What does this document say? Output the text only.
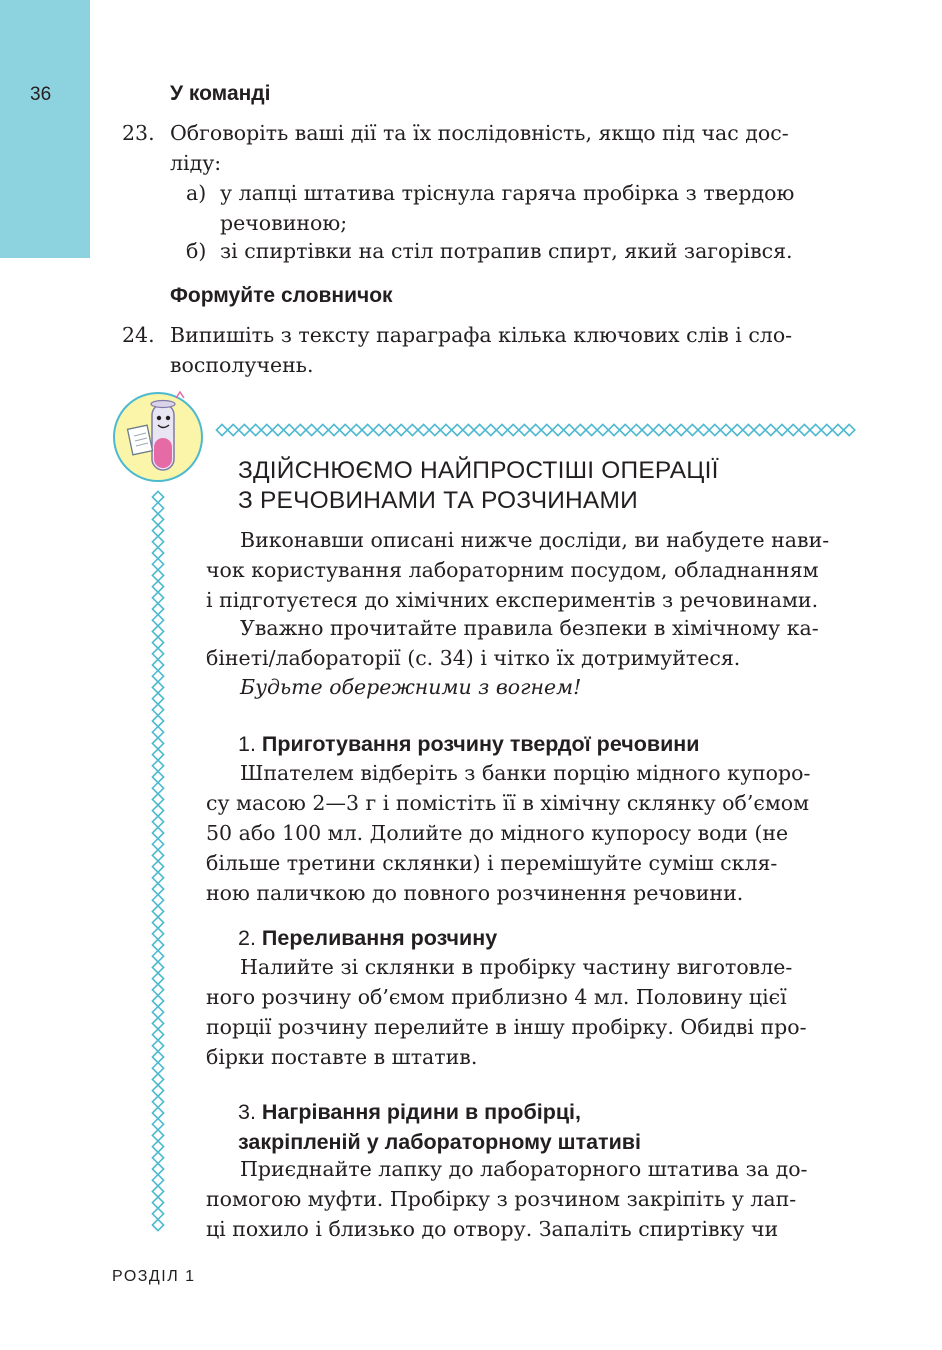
36	У команді
23. Обговоріть ваші дії та їх послідовність, якщо під час дос-
ліду:
а) у лапці штатива тріснула гаряча пробірка з твердою
речовиною;
б) зі спиртівки на стіл потрапив спирт, який загорівся.
Формуйте словничок
24. Випишіть з тексту параграфа кілька ключових слів і сло-
восполучень.
ЗДІЙСНЮЄМО НАЙПРОСТІШІ ОПЕРАЦІЇ
З РЕЧОВИНАМИ ТА РОЗЧИНАМИ
Виконавши описані нижче досліди, ви набудете нави-
чок користування лабораторним посудом, обладнанням
і підготуєтеся до хімічних експериментів з речовинами.
Уважно прочитайте правила безпеки в хімічному ка-
бінеті/лабораторії (с. 34) і чітко їх дотримуйтеся.
Будьте обережними з вогнем!
1. Приготування розчину твердої речовини
Шпателем відберіть з банки порцію мідного купоро-
су масою 2—3 г і помістіть її в хімічну склянку об’ємом
50 або 100 мл. Долийте до мідного купоросу води (не
більше третини склянки) і перемішуйте суміш скля-
ною паличкою до повного розчинення речовини.
2. Переливання розчину
Налийте зі склянки в пробірку частину виготовле-
ного розчину об’ємом приблизно 4 мл. Половину цієї
порції розчину перелийте в іншу пробірку. Обидві про-
бірки поставте в штатив.
3. Нагрівання рідини в пробірці,
закріпленій у лабораторному штативі
Приєднайте лапку до лабораторного штатива за до-
помогою муфти. Пробірку з розчином закріпіть у лап-
ці похило і близько до отвору. Запаліть спиртівку чи
РОЗДІЛ 1
